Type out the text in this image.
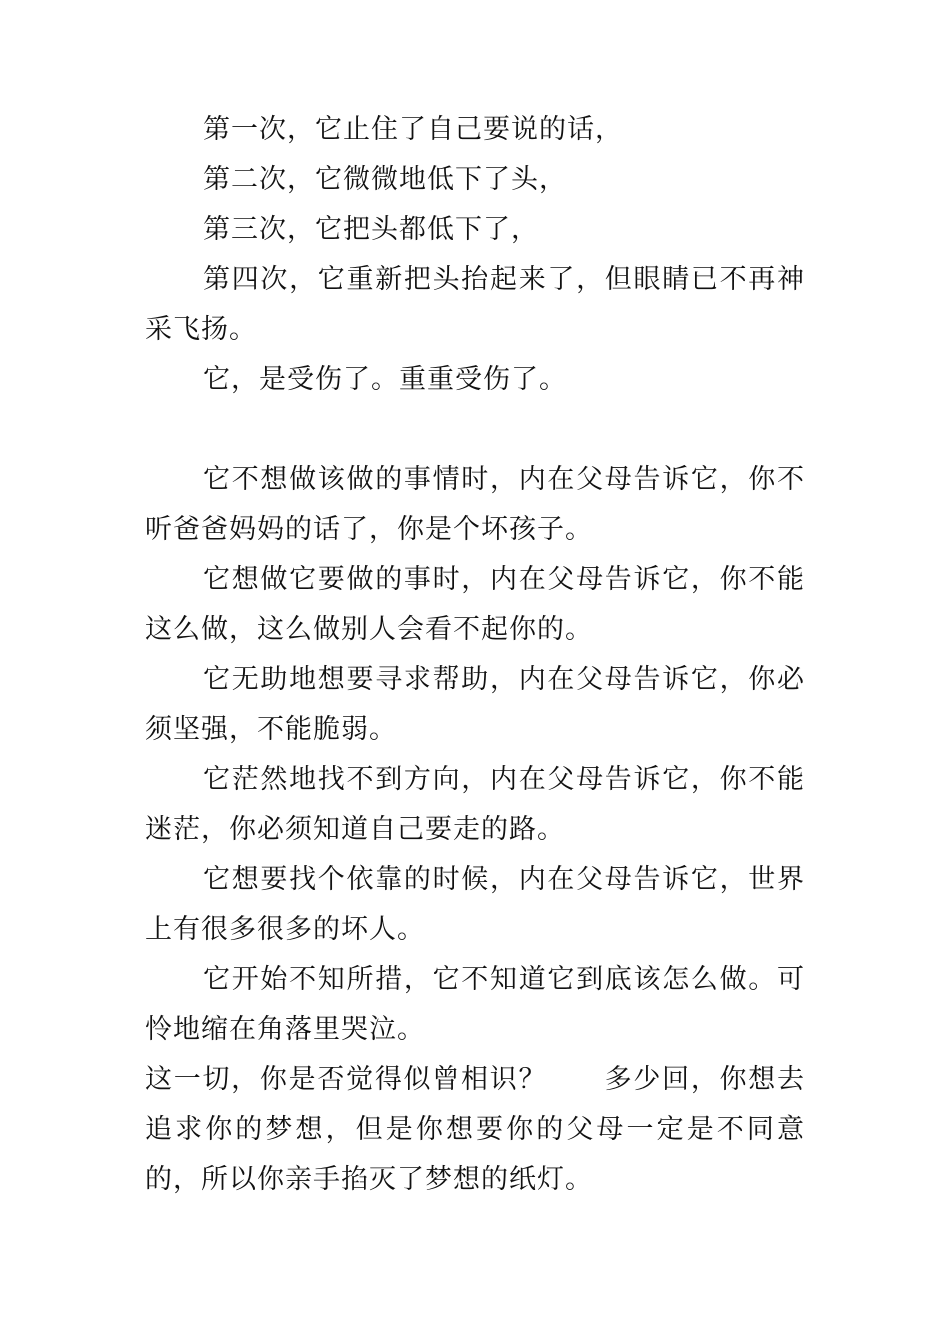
第一次，它止住了自己要说的话，

第二次，它微微地低下了头，

第三次，它把头都低下了，

第四次，它重新把头抬起来了，但眼睛已不再神采飞扬。

它，是受伤了。重重受伤了。

它不想做该做的事情时，内在父母告诉它，你不听爸爸妈妈的话了，你是个坏孩子。

它想做它要做的事时，内在父母告诉它，你不能这么做，这么做别人会看不起你的。

它无助地想要寻求帮助，内在父母告诉它，你必须坚强，不能脆弱。

它茫然地找不到方向，内在父母告诉它，你不能迷茫，你必须知道自己要走的路。

它想要找个依靠的时候，内在父母告诉它，世界上有很多很多的坏人。

它开始不知所措，它不知道它到底该怎么做。可怜地缩在角落里哭泣。

这一切，你是否觉得似曾相识？　　多少回，你想去追求你的梦想，但是你想要你的父母一定是不同意的，所以你亲手掐灭了梦想的纸灯。
